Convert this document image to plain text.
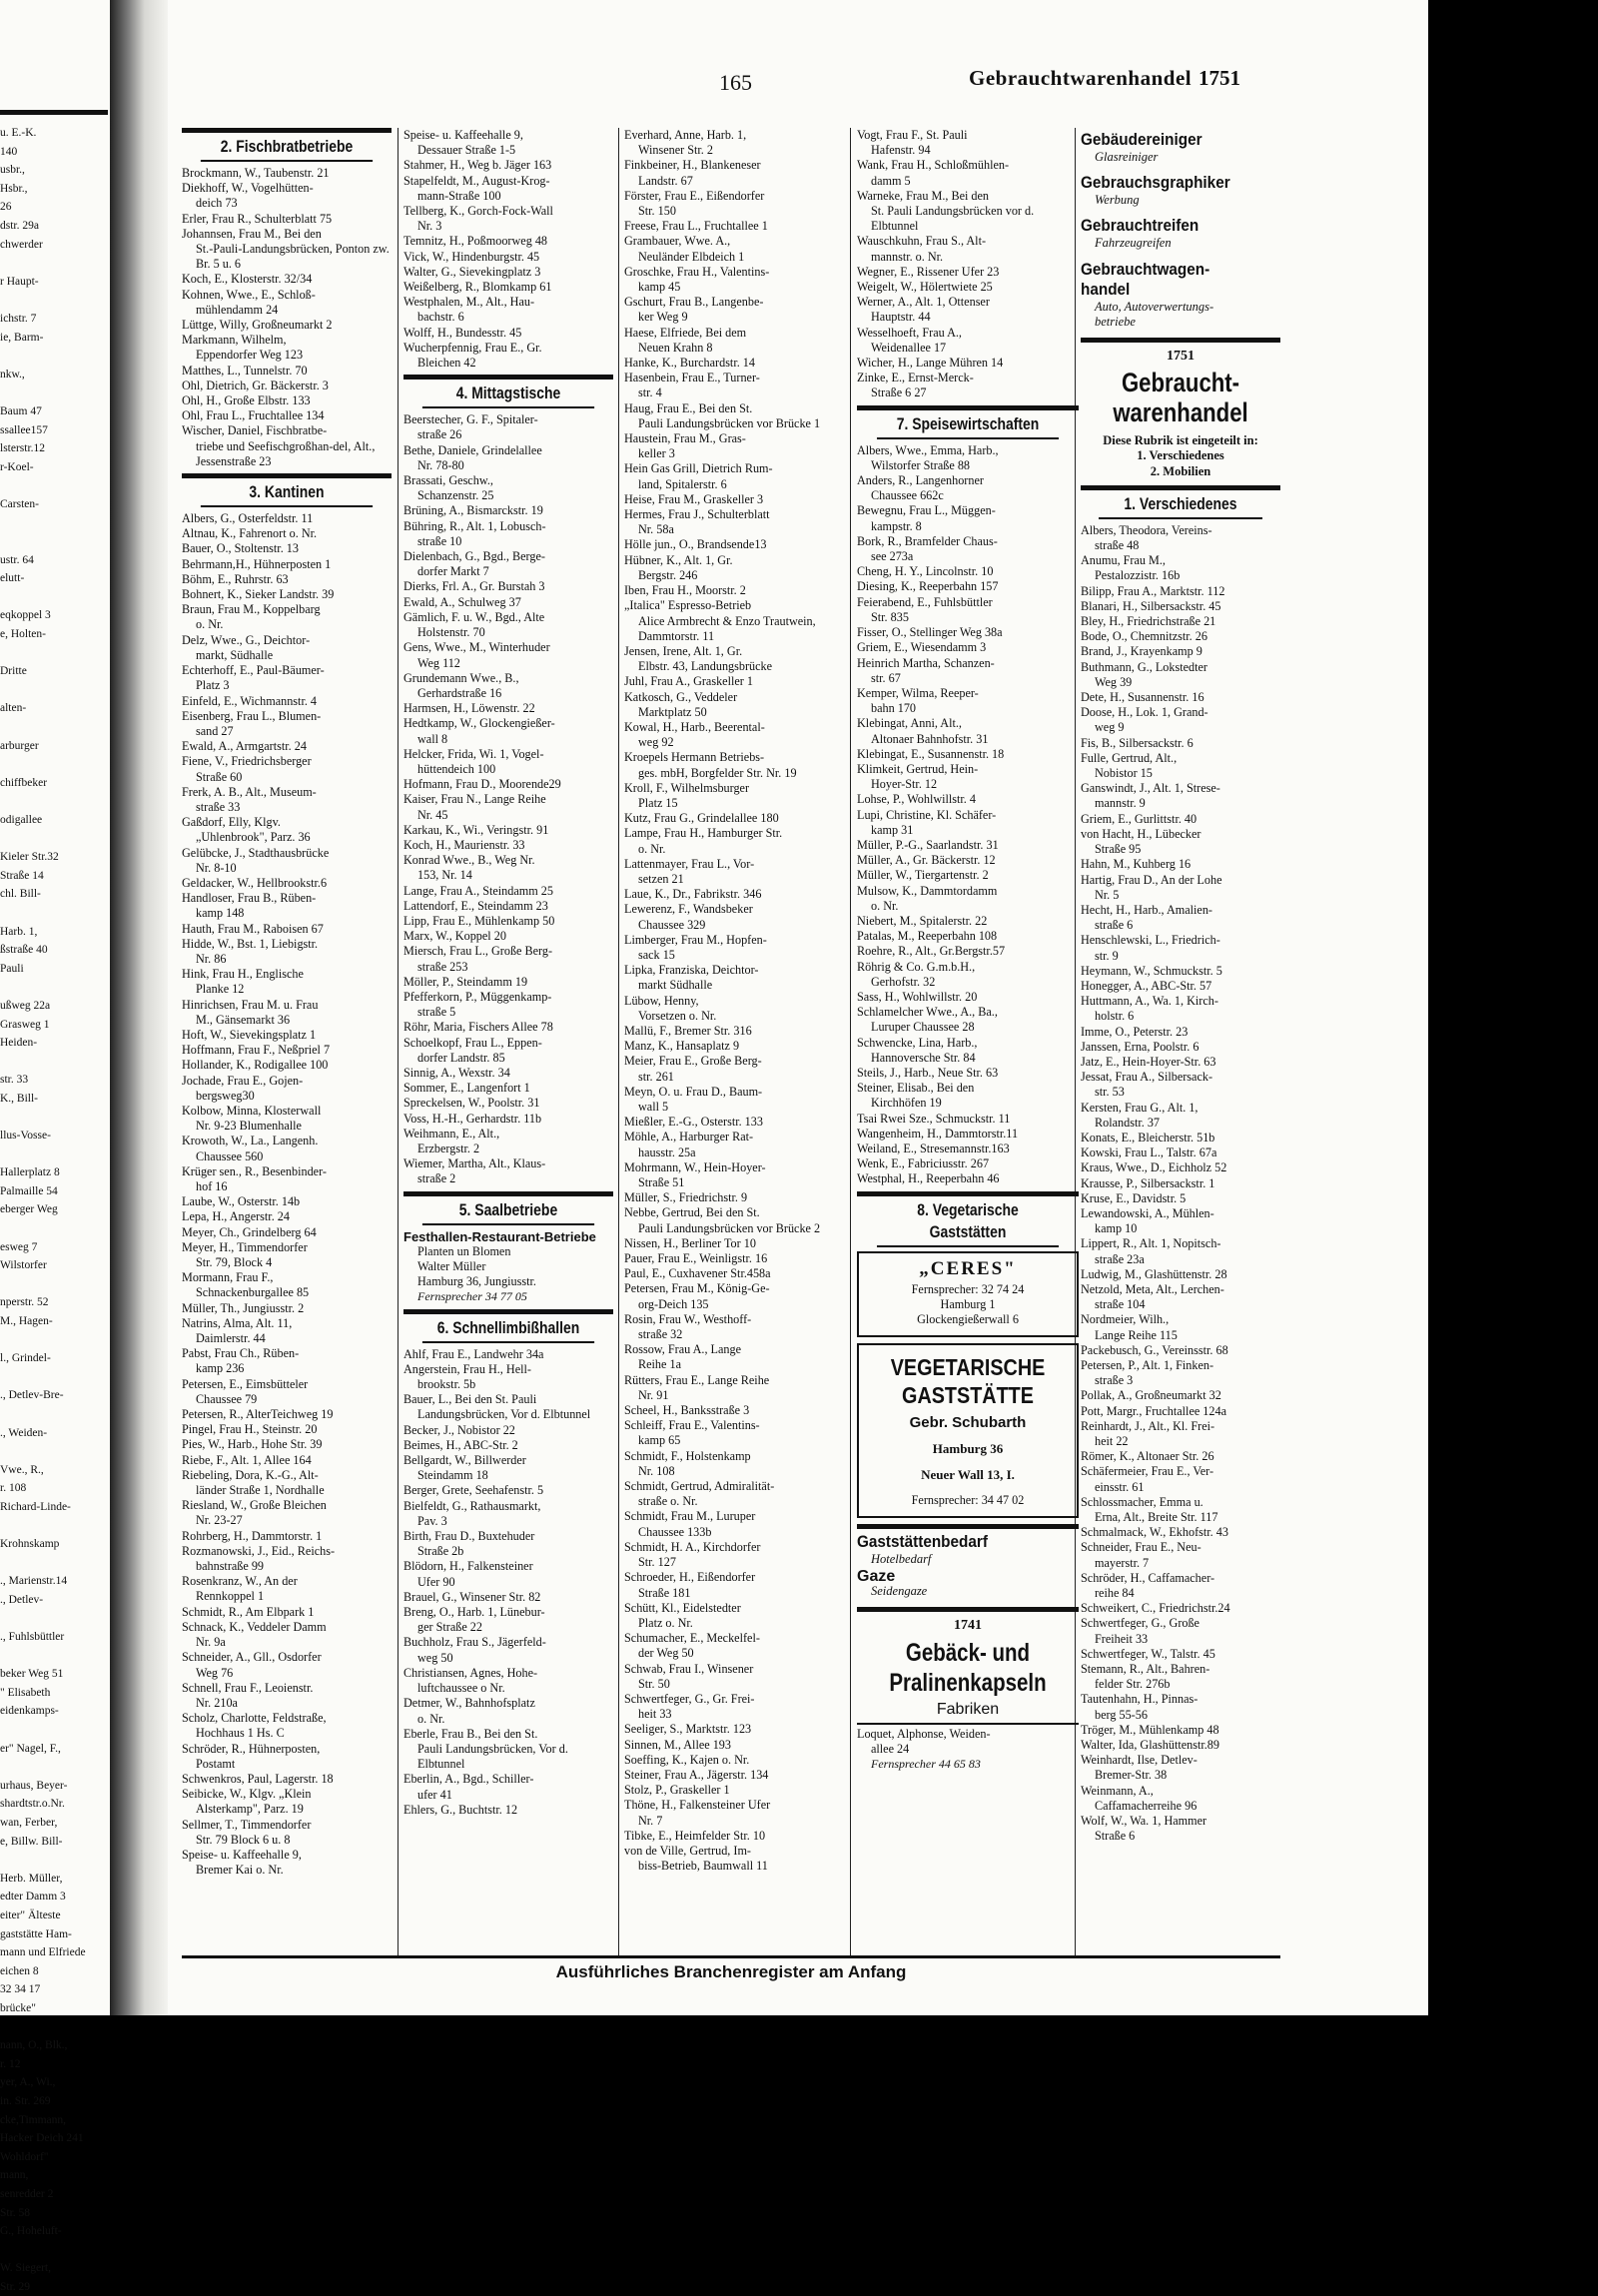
u. E.-K.
140
usbr.,
Hsbr.,
26
dstr. 29a
chwerder
r Haupt-
ichstr. 7
ie, Barm-
nkw.,
Baum 47
ssallee157
lsterstr.12
r-Koel-
Carsten-
ustr. 64
elutt-
eqkoppel 3
e, Holten-
Dritte
alten-
arburger
chiffbeker
odigallee
Kieler Str.32
Straße 14
chl. Bill-
Harb. 1,
ßstraße 40
Pauli
ußweg 22a
Grasweg 1
Heiden-
str. 33
K., Bill-
llus-Vosse-
Hallerplatz 8
Palmaille 54
eberger Weg
esweg 7
Wilstorfer
nperstr. 52
M., Hagen-
l., Grindel-
., Detlev-Bre-
., Weiden-
Vwe., R.,
r. 108
Richard-Linde-
Krohnskamp
., Marienstr.14
., Detlev-
., Fuhlsbüttler
beker Weg 51
" Elisabeth
eidenkamps-
er" Nagel, F.,
urhaus, Beyer-
shardtstr.o.Nr.
wan, Ferber,
e, Billw. Bill-
Herb. Müller,
edter Damm 3
eiter" Älteste
gaststätte Ham-
mann und Elfriede
eichen 8
32 34 17
brücke"
nann, O., Blk.,
r. 12
yer, A., Wi.,
in. Str. 269
cke,Timmann,
Hacker Deich 241
Wohldorf"
mann,
senredder 2
Str. 58
G., Hoheluft-
W. Siegert,
Str. 29
165	Gebrauchtwarenhandel 1751
2. Fischbratbetriebe
Brockmann, W., Taubenstr. 21
Diekhoff, W., Vogelhütten-
deich 73
Erler, Frau R., Schulterblatt 75
Johannsen, Frau M., Bei den
St.-Pauli-Landungsbrücken, Ponton zw. Br. 5 u. 6
Koch, E., Klosterstr. 32/34
Kohnen, Wwe., E., Schloß-
mühlendamm 24
Lüttge, Willy, Großneumarkt 2
Markmann, Wilhelm,
Eppendorfer Weg 123
Matthes, L., Tunnelstr. 70
Ohl, Dietrich, Gr. Bäckerstr. 3
Ohl, H., Große Elbstr. 133
Ohl, Frau L., Fruchtallee 134
Wischer, Daniel, Fischbratbe-
triebe und Seefischgroßhan-del, Alt., Jessenstraße 23
3. Kantinen
Albers, G., Osterfeldstr. 11
Altnau, K., Fahrenort o. Nr.
Bauer, O., Stoltenstr. 13
Behrmann,H., Hühnerposten 1
Böhm, E., Ruhrstr. 63
Bohnert, K., Sieker Landstr. 39
Braun, Frau M., Koppelbarg
o. Nr.
Delz, Wwe., G., Deichtor-
markt, Südhalle
Echterhoff, E., Paul-Bäumer-
Platz 3
Einfeld, E., Wichmannstr. 4
Eisenberg, Frau L., Blumen-
sand 27
Ewald, A., Armgartstr. 24
Fiene, V., Friedrichsberger
Straße 60
Frerk, A. B., Alt., Museum-
straße 33
Gaßdorf, Elly, Klgv.
„Uhlenbrook", Parz. 36
Gelübcke, J., Stadthausbrücke
Nr. 8-10
Geldacker, W., Hellbrookstr.6
Handloser, Frau B., Rüben-
kamp 148
Hauth, Frau M., Raboisen 67
Hidde, W., Bst. 1, Liebigstr.
Nr. 86
Hink, Frau H., Englische
Planke 12
Hinrichsen, Frau M. u. Frau
M., Gänsemarkt 36
Hoft, W., Sievekingsplatz 1
Hoffmann, Frau F., Neßpriel 7
Hollander, K., Rodigallee 100
Jochade, Frau E., Gojen-
bergsweg30
Kolbow, Minna, Klosterwall
Nr. 9-23 Blumenhalle
Krowoth, W., La., Langenh.
Chaussee 560
Krüger sen., R., Besenbinder-
hof 16
Laube, W., Osterstr. 14b
Lepa, H., Angerstr. 24
Meyer, Ch., Grindelberg 64
Meyer, H., Timmendorfer
Str. 79, Block 4
Mormann, Frau F.,
Schnackenburgallee 85
Müller, Th., Jungiusstr. 2
Natrins, Alma, Alt. 11,
Daimlerstr. 44
Pabst, Frau Ch., Rüben-
kamp 236
Petersen, E., Eimsbütteler
Chaussee 79
Petersen, R., AlterTeichweg 19
Pingel, Frau H., Steinstr. 20
Pies, W., Harb., Hohe Str. 39
Riebe, F., Alt. 1, Allee 164
Riebeling, Dora, K.-G., Alt-
länder Straße 1, Nordhalle
Riesland, W., Große Bleichen
Nr. 23-27
Rohrberg, H., Dammtorstr. 1
Rozmanowski, J., Eid., Reichs-
bahnstraße 99
Rosenkranz, W., An der
Rennkoppel 1
Schmidt, R., Am Elbpark 1
Schnack, K., Veddeler Damm
Nr. 9a
Schneider, A., Gll., Osdorfer
Weg 76
Schnell, Frau F., Leoienstr.
Nr. 210a
Scholz, Charlotte, Feldstraße,
Hochhaus 1 Hs. C
Schröder, R., Hühnerposten,
Postamt
Schwenkros, Paul, Lagerstr. 18
Seibicke, W., Klgv. „Klein
Alsterkamp", Parz. 19
Sellmer, T., Timmendorfer
Str. 79 Block 6 u. 8
Speise- u. Kaffeehalle 9,
Bremer Kai o. Nr.
Speise- u. Kaffeehalle 9,
Dessauer Straße 1-5
Stahmer, H., Weg b. Jäger 163
Stapelfeldt, M., August-Krog-
mann-Straße 100
Tellberg, K., Gorch-Fock-Wall
Nr. 3
Temnitz, H., Poßmoorweg 48
Vick, W., Hindenburgstr. 45
Walter, G., Sievekingplatz 3
Weißelberg, R., Blomkamp 61
Westphalen, M., Alt., Hau-
bachstr. 6
Wolff, H., Bundesstr. 45
Wucherpfennig, Frau E., Gr.
Bleichen 42
4. Mittagstische
Beerstecher, G. F., Spitaler-
straße 26
Bethe, Daniele, Grindelallee
Nr. 78-80
Brassati, Geschw.,
Schanzenstr. 25
Brüning, A., Bismarckstr. 19
Bühring, R., Alt. 1, Lobusch-
straße 10
Dielenbach, G., Bgd., Berge-
dorfer Markt 7
Dierks, Frl. A., Gr. Burstah 3
Ewald, A., Schulweg 37
Gämlich, F. u. W., Bgd., Alte
Holstenstr. 70
Gens, Wwe., M., Winterhuder
Weg 112
Grundemann Wwe., B.,
Gerhardstraße 16
Harmsen, H., Löwenstr. 22
Hedtkamp, W., Glockengießer-
wall 8
Helcker, Frida, Wi. 1, Vogel-
hüttendeich 100
Hofmann, Frau D., Moorende29
Kaiser, Frau N., Lange Reihe
Nr. 45
Karkau, K., Wi., Veringstr. 91
Koch, H., Maurienstr. 33
Konrad Wwe., B., Weg Nr.
153, Nr. 14
Lange, Frau A., Steindamm 25
Lattendorf, E., Steindamm 23
Lipp, Frau E., Mühlenkamp 50
Marx, W., Koppel 20
Miersch, Frau L., Große Berg-
straße 253
Möller, P., Steindamm 19
Pfefferkorn, P., Müggenkamp-
straße 5
Röhr, Maria, Fischers Allee 78
Schoelkopf, Frau L., Eppen-
dorfer Landstr. 85
Sinnig, A., Wexstr. 34
Sommer, E., Langenfort 1
Spreckelsen, W., Poolstr. 31
Voss, H.-H., Gerhardstr. 11b
Weihmann, E., Alt.,
Erzbergstr. 2
Wiemer, Martha, Alt., Klaus-
straße 2
5. Saalbetriebe
Festhallen-Restaurant-Betriebe
Planten un Blomen
Walter Müller
Hamburg 36, Jungiusstr.
Fernsprecher 34 77 05
6. Schnellimbißhallen
Ahlf, Frau E., Landwehr 34a
Angerstein, Frau H., Hell-
brookstr. 5b
Bauer, L., Bei den St. Pauli
Landungsbrücken, Vor d. Elbtunnel
Becker, J., Nobistor 22
Beimes, H., ABC-Str. 2
Bellgardt, W., Billwerder
Steindamm 18
Berger, Grete, Seehafenstr. 5
Bielfeldt, G., Rathausmarkt,
Pav. 3
Birth, Frau D., Buxtehuder
Straße 2b
Blödorn, H., Falkensteiner
Ufer 90
Brauel, G., Winsener Str. 82
Breng, O., Harb. 1, Lünebur-
ger Straße 22
Buchholz, Frau S., Jägerfeld-
weg 50
Christiansen, Agnes, Hohe-
luftchaussee o Nr.
Detmer, W., Bahnhofsplatz
o. Nr.
Eberle, Frau B., Bei den St.
Pauli Landungsbrücken, Vor d. Elbtunnel
Eberlin, A., Bgd., Schiller-
ufer 41
Ehlers, G., Buchtstr. 12
Everhard, Anne, Harb. 1,
Winsener Str. 2
Finkbeiner, H., Blankeneser
Landstr. 67
Förster, Frau E., Eißendorfer
Str. 150
Freese, Frau L., Fruchtallee 1
Grambauer, Wwe. A.,
Neuländer Elbdeich 1
Groschke, Frau H., Valentins-
kamp 45
Gschurt, Frau B., Langenbe-
ker Weg 9
Haese, Elfriede, Bei dem
Neuen Krahn 8
Hanke, K., Burchardstr. 14
Hasenbein, Frau E., Turner-
str. 4
Haug, Frau E., Bei den St.
Pauli Landungsbrücken vor Brücke 1
Haustein, Frau M., Gras-
keller 3
Hein Gas Grill, Dietrich Rum-
land, Spitalerstr. 6
Heise, Frau M., Graskeller 3
Hermes, Frau J., Schulterblatt
Nr. 58a
Hölle jun., O., Brandsende13
Hübner, K., Alt. 1, Gr.
Bergstr. 246
Iben, Frau H., Moorstr. 2
„Italica" Espresso-Betrieb
Alice Armbrecht & Enzo Trautwein, Dammtorstr. 11
Jensen, Irene, Alt. 1, Gr.
Elbstr. 43, Landungsbrücke
Juhl, Frau A., Graskeller 1
Katkosch, G., Veddeler
Marktplatz 50
Kowal, H., Harb., Beerental-
weg 92
Kroepels Hermann Betriebs-
ges. mbH, Borgfelder Str. Nr. 19
Kroll, F., Wilhelmsburger
Platz 15
Kutz, Frau G., Grindelallee 180
Lampe, Frau H., Hamburger Str.
o. Nr.
Lattenmayer, Frau L., Vor-
setzen 21
Laue, K., Dr., Fabrikstr. 346
Lewerenz, F., Wandsbeker
Chaussee 329
Limberger, Frau M., Hopfen-
sack 15
Lipka, Franziska, Deichtor-
markt Südhalle
Lübow, Henny,
Vorsetzen o. Nr.
Mallü, F., Bremer Str. 316
Manz, K., Hansaplatz 9
Meier, Frau E., Große Berg-
str. 261
Meyn, O. u. Frau D., Baum-
wall 5
Mießler, E.-G., Osterstr. 133
Möhle, A., Harburger Rat-
hausstr. 25a
Mohrmann, W., Hein-Hoyer-
Straße 51
Müller, S., Friedrichstr. 9
Nebbe, Gertrud, Bei den St.
Pauli Landungsbrücken vor Brücke 2
Nissen, H., Berliner Tor 10
Pauer, Frau E., Weinligstr. 16
Paul, E., Cuxhavener Str.458a
Petersen, Frau M., König-Ge-
org-Deich 135
Rosin, Frau W., Westhoff-
straße 32
Rossow, Frau A., Lange
Reihe 1a
Rütters, Frau E., Lange Reihe
Nr. 91
Scheel, H., Banksstraße 3
Schleiff, Frau E., Valentins-
kamp 65
Schmidt, F., Holstenkamp
Nr. 108
Schmidt, Gertrud, Admiralität-
straße o. Nr.
Schmidt, Frau M., Luruper
Chaussee 133b
Schmidt, H. A., Kirchdorfer
Str. 127
Schroeder, H., Eißendorfer
Straße 181
Schütt, Kl., Eidelstedter
Platz o. Nr.
Schumacher, E., Meckelfel-
der Weg 50
Schwab, Frau I., Winsener
Str. 50
Schwertfeger, G., Gr. Frei-
heit 33
Seeliger, S., Marktstr. 123
Sinnen, M., Allee 193
Soeffing, K., Kajen o. Nr.
Steiner, Frau A., Jägerstr. 134
Stolz, P., Graskeller 1
Thöne, H., Falkensteiner Ufer
Nr. 7
Tibke, E., Heimfelder Str. 10
von de Ville, Gertrud, Im-
biss-Betrieb, Baumwall 11
Vogt, Frau F., St. Pauli
Hafenstr. 94
Wank, Frau H., Schloßmühlen-
damm 5
Warneke, Frau M., Bei den
St. Pauli Landungsbrücken vor d. Elbtunnel
Wauschkuhn, Frau S., Alt-
mannstr. o. Nr.
Wegner, E., Rissener Ufer 23
Weigelt, W., Hölertwiete 25
Werner, A., Alt. 1, Ottenser
Hauptstr. 44
Wesselhoeft, Frau A.,
Weidenallee 17
Wicher, H., Lange Mühren 14
Zinke, E., Ernst-Merck-
Straße 6 27
7. Speisewirtschaften
Albers, Wwe., Emma, Harb.,
Wilstorfer Straße 88
Anders, R., Langenhorner
Chaussee 662c
Bewegnu, Frau L., Müggen-
kampstr. 8
Bork, R., Bramfelder Chaus-
see 273a
Cheng, H. Y., Lincolnstr. 10
Diesing, K., Reeperbahn 157
Feierabend, E., Fuhlsbüttler
Str. 835
Fisser, O., Stellinger Weg 38a
Griem, E., Wiesendamm 3
Heinrich Martha, Schanzen-
str. 67
Kemper, Wilma, Reeper-
bahn 170
Klebingat, Anni, Alt.,
Altonaer Bahnhofstr. 31
Klebingat, E., Susannenstr. 18
Klimkeit, Gertrud, Hein-
Hoyer-Str. 12
Lohse, P., Wohlwillstr. 4
Lupi, Christine, Kl. Schäfer-
kamp 31
Müller, P.-G., Saarlandstr. 31
Müller, A., Gr. Bäckerstr. 12
Müller, W., Tiergartenstr. 2
Mulsow, K., Dammtordamm
o. Nr.
Niebert, M., Spitalerstr. 22
Patalas, M., Reeperbahn 108
Roehre, R., Alt., Gr.Bergstr.57
Röhrig & Co. G.m.b.H.,
Gerhofstr. 32
Sass, H., Wohlwillstr. 20
Schlamelcher Wwe., A., Ba.,
Luruper Chaussee 28
Schwencke, Lina, Harb.,
Hannoversche Str. 84
Steils, J., Harb., Neue Str. 63
Steiner, Elisab., Bei den
Kirchhöfen 19
Tsai Rwei Sze., Schmuckstr. 11
Wangenheim, H., Dammtorstr.11
Weiland, E., Stresemannstr.163
Wenk, E., Fabriciusstr. 267
Westphal, H., Reeperbahn 46
8. Vegetarische Gaststätten
„CERES"
Fernsprecher: 32 74 24
Hamburg 1
Glockengießerwall 6
VEGETARISCHE
GASTSTÄTTE
Gebr. Schubarth
Hamburg 36
Neuer Wall 13, I.
Fernsprecher: 34 47 02
Gaststättenbedarf
Hotelbedarf
Gaze
Seidengaze
1741
Gebäck- und
Pralinenkapseln
Fabriken
Loquet, Alphonse, Weiden-
allee 24
Fernsprecher 44 65 83
Gebäudereiniger
Glasreiniger
Gebrauchsgraphiker
Werbung
Gebrauchtreifen
Fahrzeugreifen
Gebrauchtwagen-handel
Auto, Autoverwertungs-betriebe
1751
Gebraucht-
warenhandel
Diese Rubrik ist eingeteilt in:
1. Verschiedenes
2. Mobilien
1. Verschiedenes
Albers, Theodora, Vereins-
straße 48
Anumu, Frau M.,
Pestalozzistr. 16b
Bilipp, Frau A., Marktstr. 112
Blanari, H., Silbersackstr. 45
Bley, H., Friedrichstraße 21
Bode, O., Chemnitzstr. 26
Brand, J., Krayenkamp 9
Buthmann, G., Lokstedter
Weg 39
Dete, H., Susannenstr. 16
Doose, H., Lok. 1, Grand-
weg 9
Fis, B., Silbersackstr. 6
Fulle, Gertrud, Alt.,
Nobistor 15
Ganswindt, J., Alt. 1, Strese-
mannstr. 9
Griem, E., Gurlittstr. 40
von Hacht, H., Lübecker
Straße 95
Hahn, M., Kuhberg 16
Hartig, Frau D., An der Lohe
Nr. 5
Hecht, H., Harb., Amalien-
straße 6
Henschlewski, L., Friedrich-
str. 9
Heymann, W., Schmuckstr. 5
Honegger, A., ABC-Str. 57
Huttmann, A., Wa. 1, Kirch-
holstr. 6
Imme, O., Peterstr. 23
Janssen, Erna, Poolstr. 6
Jatz, E., Hein-Hoyer-Str. 63
Jessat, Frau A., Silbersack-
str. 53
Kersten, Frau G., Alt. 1,
Rolandstr. 37
Konats, E., Bleicherstr. 51b
Kowski, Frau L., Talstr. 67a
Kraus, Wwe., D., Eichholz 52
Krausse, P., Silbersackstr. 1
Kruse, E., Davidstr. 5
Lewandowski, A., Mühlen-
kamp 10
Lippert, R., Alt. 1, Nopitsch-
straße 23a
Ludwig, M., Glashüttenstr. 28
Netzold, Meta, Alt., Lerchen-
straße 104
Nordmeier, Wilh.,
Lange Reihe 115
Packebusch, G., Vereinsstr. 68
Petersen, P., Alt. 1, Finken-
straße 3
Pollak, A., Großneumarkt 32
Pott, Margr., Fruchtallee 124a
Reinhardt, J., Alt., Kl. Frei-
heit 22
Römer, K., Altonaer Str. 26
Schäfermeier, Frau E., Ver-
einsstr. 61
Schlossmacher, Emma u.
Erna, Alt., Breite Str. 117
Schmalmack, W., Ekhofstr. 43
Schneider, Frau E., Neu-
mayerstr. 7
Schröder, H., Caffamacher-
reihe 84
Schweikert, C., Friedrichstr.24
Schwertfeger, G., Große
Freiheit 33
Schwertfeger, W., Talstr. 45
Stemann, R., Alt., Bahren-
felder Str. 276b
Tautenhahn, H., Pinnas-
berg 55-56
Tröger, M., Mühlenkamp 48
Walter, Ida, Glashüttenstr.89
Weinhardt, Ilse, Detlev-
Bremer-Str. 38
Weinmann, A.,
Caffamacherreihe 96
Wolf, W., Wa. 1, Hammer
Straße 6
Ausführliches Branchenregister am Anfang
